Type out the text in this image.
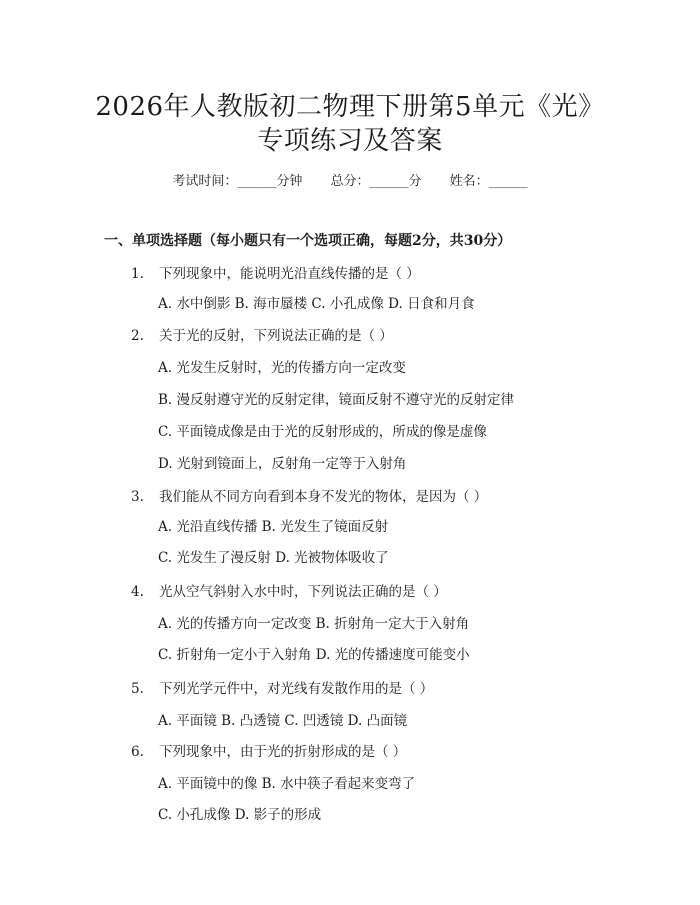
2026年人教版初二物理下册第5单元《光》
专项练习及答案
考试时间：______分钟 总分：______分 姓名：______
一、单项选择题（每小题只有一个选项正确，每题2分，共30分）
1. 下列现象中，能说明光沿直线传播的是（ ）
A. 水中倒影 B. 海市蜃楼 C. 小孔成像 D. 日食和月食
2. 关于光的反射，下列说法正确的是（ ）
A. 光发生反射时，光的传播方向一定改变
B. 漫反射遵守光的反射定律，镜面反射不遵守光的反射定律
C. 平面镜成像是由于光的反射形成的，所成的像是虚像
D. 光射到镜面上，反射角一定等于入射角
3. 我们能从不同方向看到本身不发光的物体，是因为（ ）
A. 光沿直线传播 B. 光发生了镜面反射
C. 光发生了漫反射 D. 光被物体吸收了
4. 光从空气斜射入水中时，下列说法正确的是（ ）
A. 光的传播方向一定改变 B. 折射角一定大于入射角
C. 折射角一定小于入射角 D. 光的传播速度可能变小
5. 下列光学元件中，对光线有发散作用的是（ ）
A. 平面镜 B. 凸透镜 C. 凹透镜 D. 凸面镜
6. 下列现象中，由于光的折射形成的是（ ）
A. 平面镜中的像 B. 水中筷子看起来变弯了
C. 小孔成像 D. 影子的形成
